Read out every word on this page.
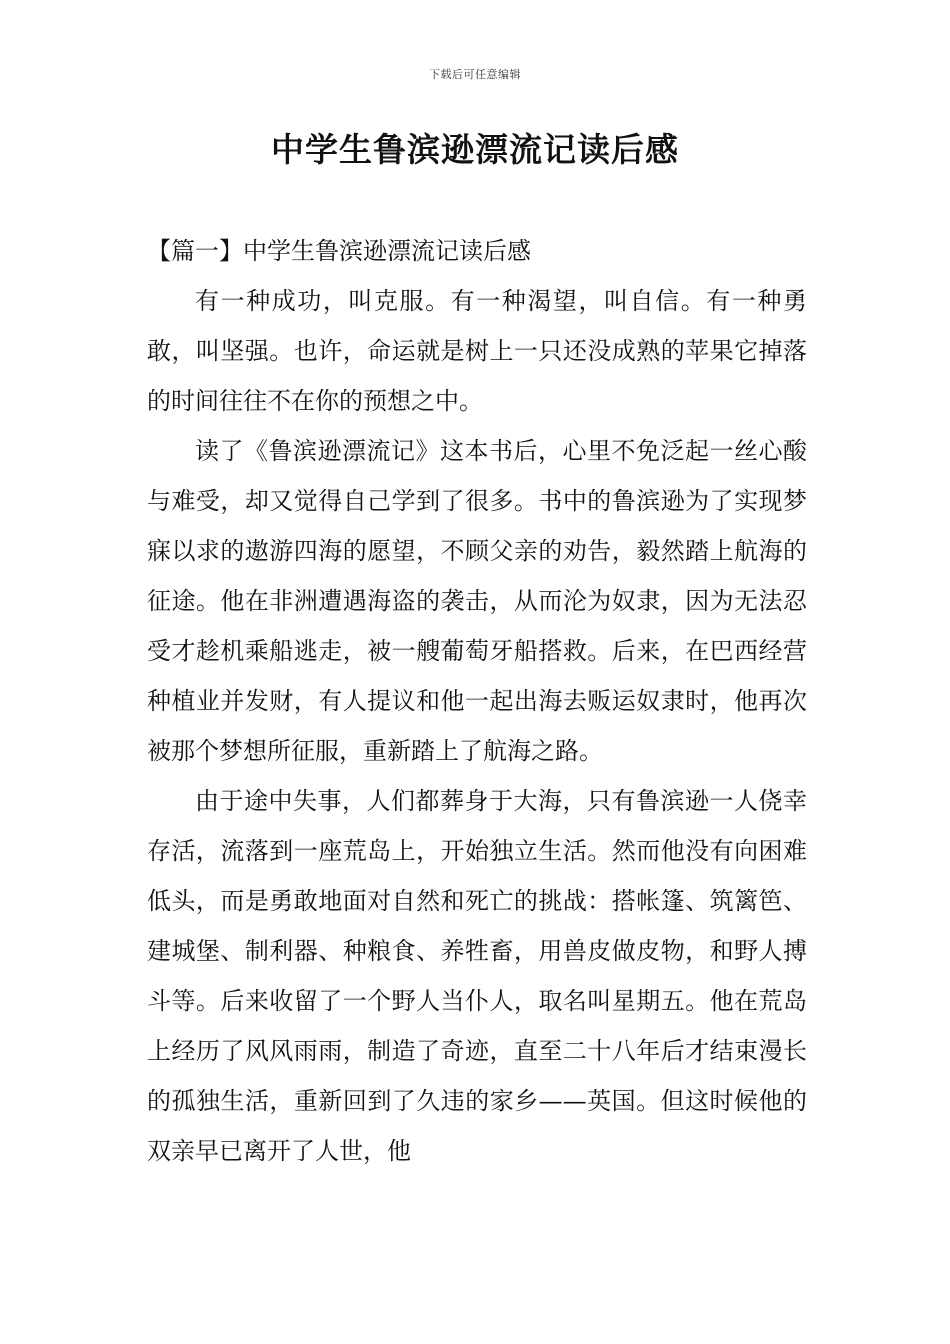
下载后可任意编辑
中学生鲁滨逊漂流记读后感

【篇一】中学生鲁滨逊漂流记读后感

有一种成功，叫克服。有一种渴望，叫自信。有一种勇敢，叫坚强。也许，命运就是树上一只还没成熟的苹果它掉落的时间往往不在你的预想之中。

读了《鲁滨逊漂流记》这本书后，心里不免泛起一丝心酸与难受，却又觉得自己学到了很多。书中的鲁滨逊为了实现梦寐以求的遨游四海的愿望，不顾父亲的劝告，毅然踏上航海的征途。他在非洲遭遇海盗的袭击，从而沦为奴隶，因为无法忍受才趁机乘船逃走，被一艘葡萄牙船搭救。后来，在巴西经营种植业并发财，有人提议和他一起出海去贩运奴隶时，他再次被那个梦想所征服，重新踏上了航海之路。

由于途中失事，人们都葬身于大海，只有鲁滨逊一人侥幸存活，流落到一座荒岛上，开始独立生活。然而他没有向困难低头，而是勇敢地面对自然和死亡的挑战：搭帐篷、筑篱笆、建城堡、制利器、种粮食、养牲畜，用兽皮做皮物，和野人搏斗等。后来收留了一个野人当仆人，取名叫星期五。他在荒岛上经历了风风雨雨，制造了奇迹，直至二十八年后才结束漫长的孤独生活，重新回到了久违的家乡——英国。但这时候他的双亲早已离开了人世，他
